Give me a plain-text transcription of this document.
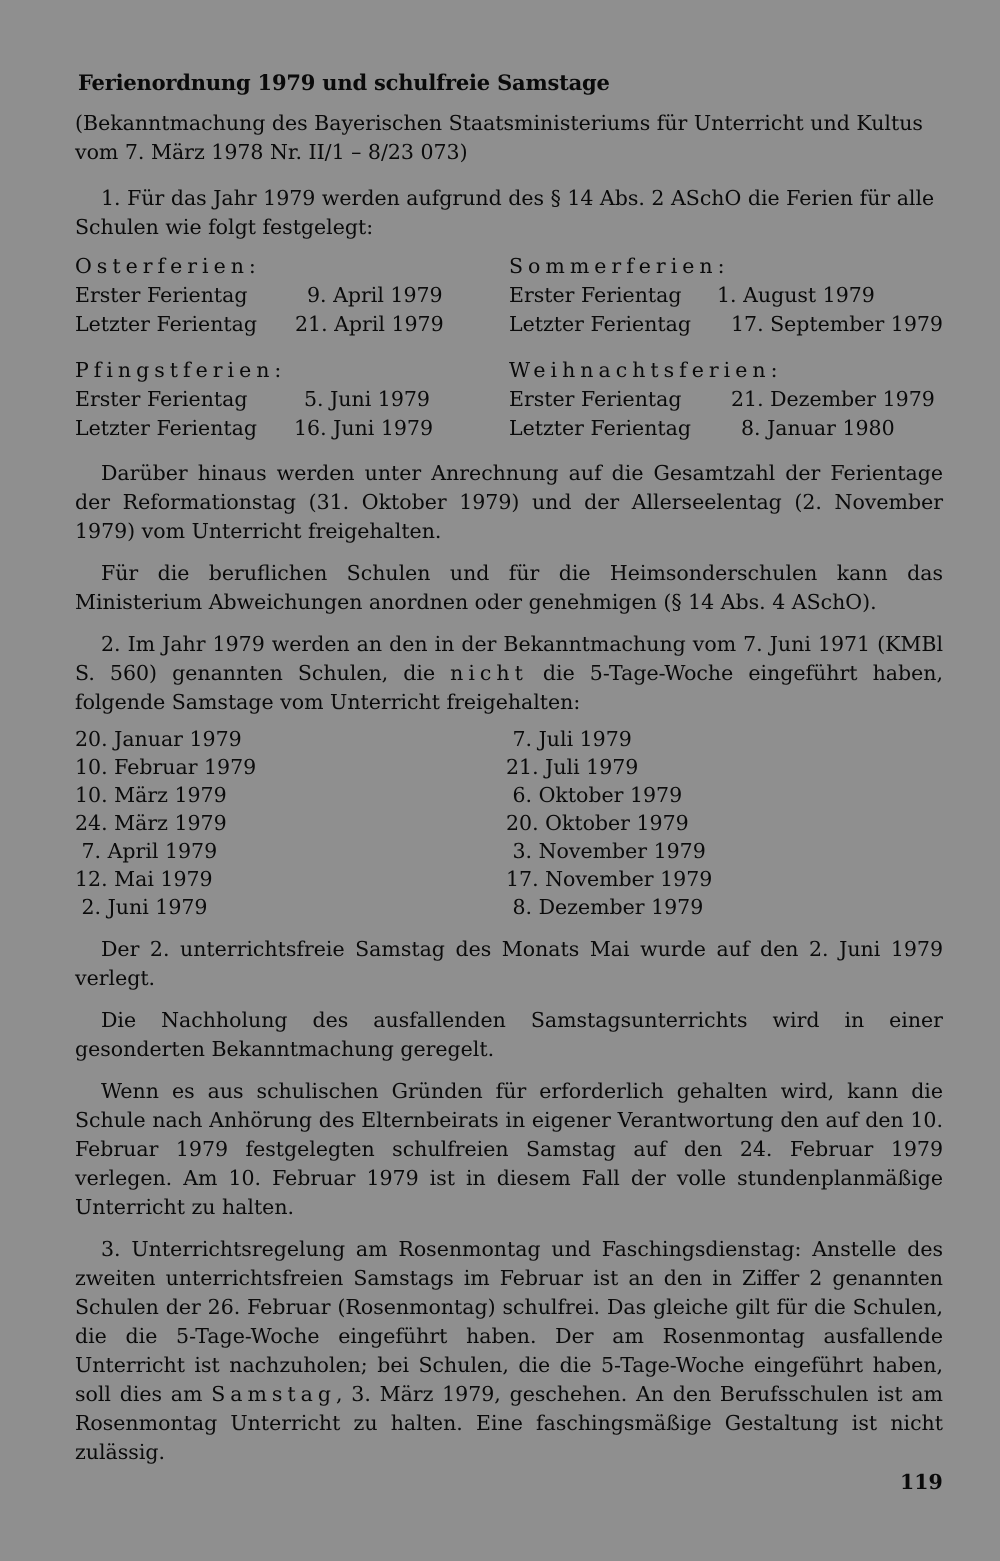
Ferienordnung 1979 und schulfreie Samstage

(Bekanntmachung des Bayerischen Staatsministeriums für Unterricht und Kultus vom 7. März 1978 Nr. II/1 – 8/23 073)

1. Für das Jahr 1979 werden aufgrund des § 14 Abs. 2 ASchO die Ferien für alle Schulen wie folgt festgelegt:

Osterferien:
Erster Ferientag	9. April 1979
Letzter Ferientag 21. April 1979
Sommerferien:
Erster Ferientag 1. August 1979
Letzter Ferientag 17. September 1979
Pfingstferien:
Erster Ferientag	5. Juni 1979
Letzter Ferientag 16. Juni 1979
Weihnachtsferien:
Erster Ferientag 21. Dezember 1979
Letzter Ferientag 8. Januar 1980

Darüber hinaus werden unter Anrechnung auf die Gesamtzahl der Ferientage der Reformationstag (31. Oktober 1979) und der Allerseelentag (2. November 1979) vom Unterricht freigehalten.

Für die beruflichen Schulen und für die Heimsonderschulen kann das Ministerium Abweichungen anordnen oder genehmigen (§ 14 Abs. 4 ASchO).

2. Im Jahr 1979 werden an den in der Bekanntmachung vom 7. Juni 1971 (KMBl S. 560) genannten Schulen, die nicht die 5-Tage-Woche eingeführt haben, folgende Samstage vom Unterricht freigehalten:

20. Januar 1979
10. Februar 1979
10. März 1979
24. März 1979
7. April 1979
12. Mai 1979
2. Juni 1979
7. Juli 1979
21. Juli 1979
6. Oktober 1979
20. Oktober 1979
3. November 1979
17. November 1979
8. Dezember 1979

Der 2. unterrichtsfreie Samstag des Monats Mai wurde auf den 2. Juni 1979 verlegt.

Die Nachholung des ausfallenden Samstagsunterrichts wird in einer gesonderten Bekanntmachung geregelt.

Wenn es aus schulischen Gründen für erforderlich gehalten wird, kann die Schule nach Anhörung des Elternbeirats in eigener Verantwortung den auf den 10. Februar 1979 festgelegten schulfreien Samstag auf den 24. Februar 1979 verlegen. Am 10. Februar 1979 ist in diesem Fall der volle stundenplanmäßige Unterricht zu halten.

3. Unterrichtsregelung am Rosenmontag und Faschingsdienstag: Anstelle des zweiten unterrichtsfreien Samstags im Februar ist an den in Ziffer 2 genannten Schulen der 26. Februar (Rosenmontag) schulfrei. Das gleiche gilt für die Schulen, die die 5-Tage-Woche eingeführt haben. Der am Rosenmontag ausfallende Unterricht ist nachzuholen; bei Schulen, die die 5-Tage-Woche eingeführt haben, soll dies am Samstag, 3. März 1979, geschehen. An den Berufsschulen ist am Rosenmontag Unterricht zu halten. Eine faschingsmäßige Gestaltung ist nicht zulässig.

119
